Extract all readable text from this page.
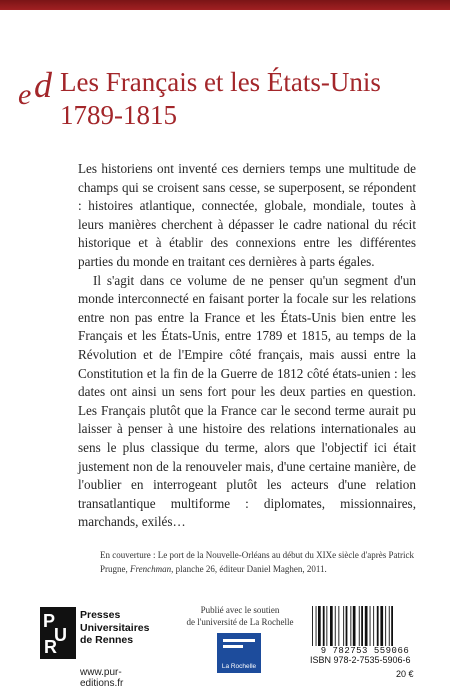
e d Les Français et les États-Unis
1789-1815

Les historiens ont inventé ces derniers temps une multitude de champs qui se croisent sans cesse, se superposent, se répondent : histoires atlantique, connectée, globale, mondiale, toutes à leurs manières cherchent à dépasser le cadre national du récit historique et à établir des connexions entre les différentes parties du monde en traitant ces dernières à parts égales.

Il s'agit dans ce volume de ne penser qu'un segment d'un monde interconnecté en faisant porter la focale sur les relations entre non pas entre la France et les États-Unis bien entre les Français et les États-Unis, entre 1789 et 1815, au temps de la Révolution et de l'Empire côté français, mais aussi entre la Constitution et la fin de la Guerre de 1812 côté états-unien : les dates ont ainsi un sens fort pour les deux parties en question. Les Français plutôt que la France car le second terme aurait pu laisser à penser à une histoire des relations internationales au sens le plus classique du terme, alors que l'objectif ici était justement non de la renouveler mais, d'une certaine manière, de l'oublier en interrogeant plutôt les acteurs d'une relation transatlantique multiforme : diplomates, missionnaires, marchands, exilés…

En couverture : Le port de la Nouvelle-Orléans au début du XIXe siècle d'après Patrick
Prugne, Frenchman, planche 26, éditeur Daniel Maghen, 2011.
P
U
R
Presses
Universitaires
de Rennes
www.pur-editions.fr
Publié avec le soutien
de l'université de La Rochelle
La Rochelle
9 782753 559066
ISBN 978-2-7535-5906-6
20 €
